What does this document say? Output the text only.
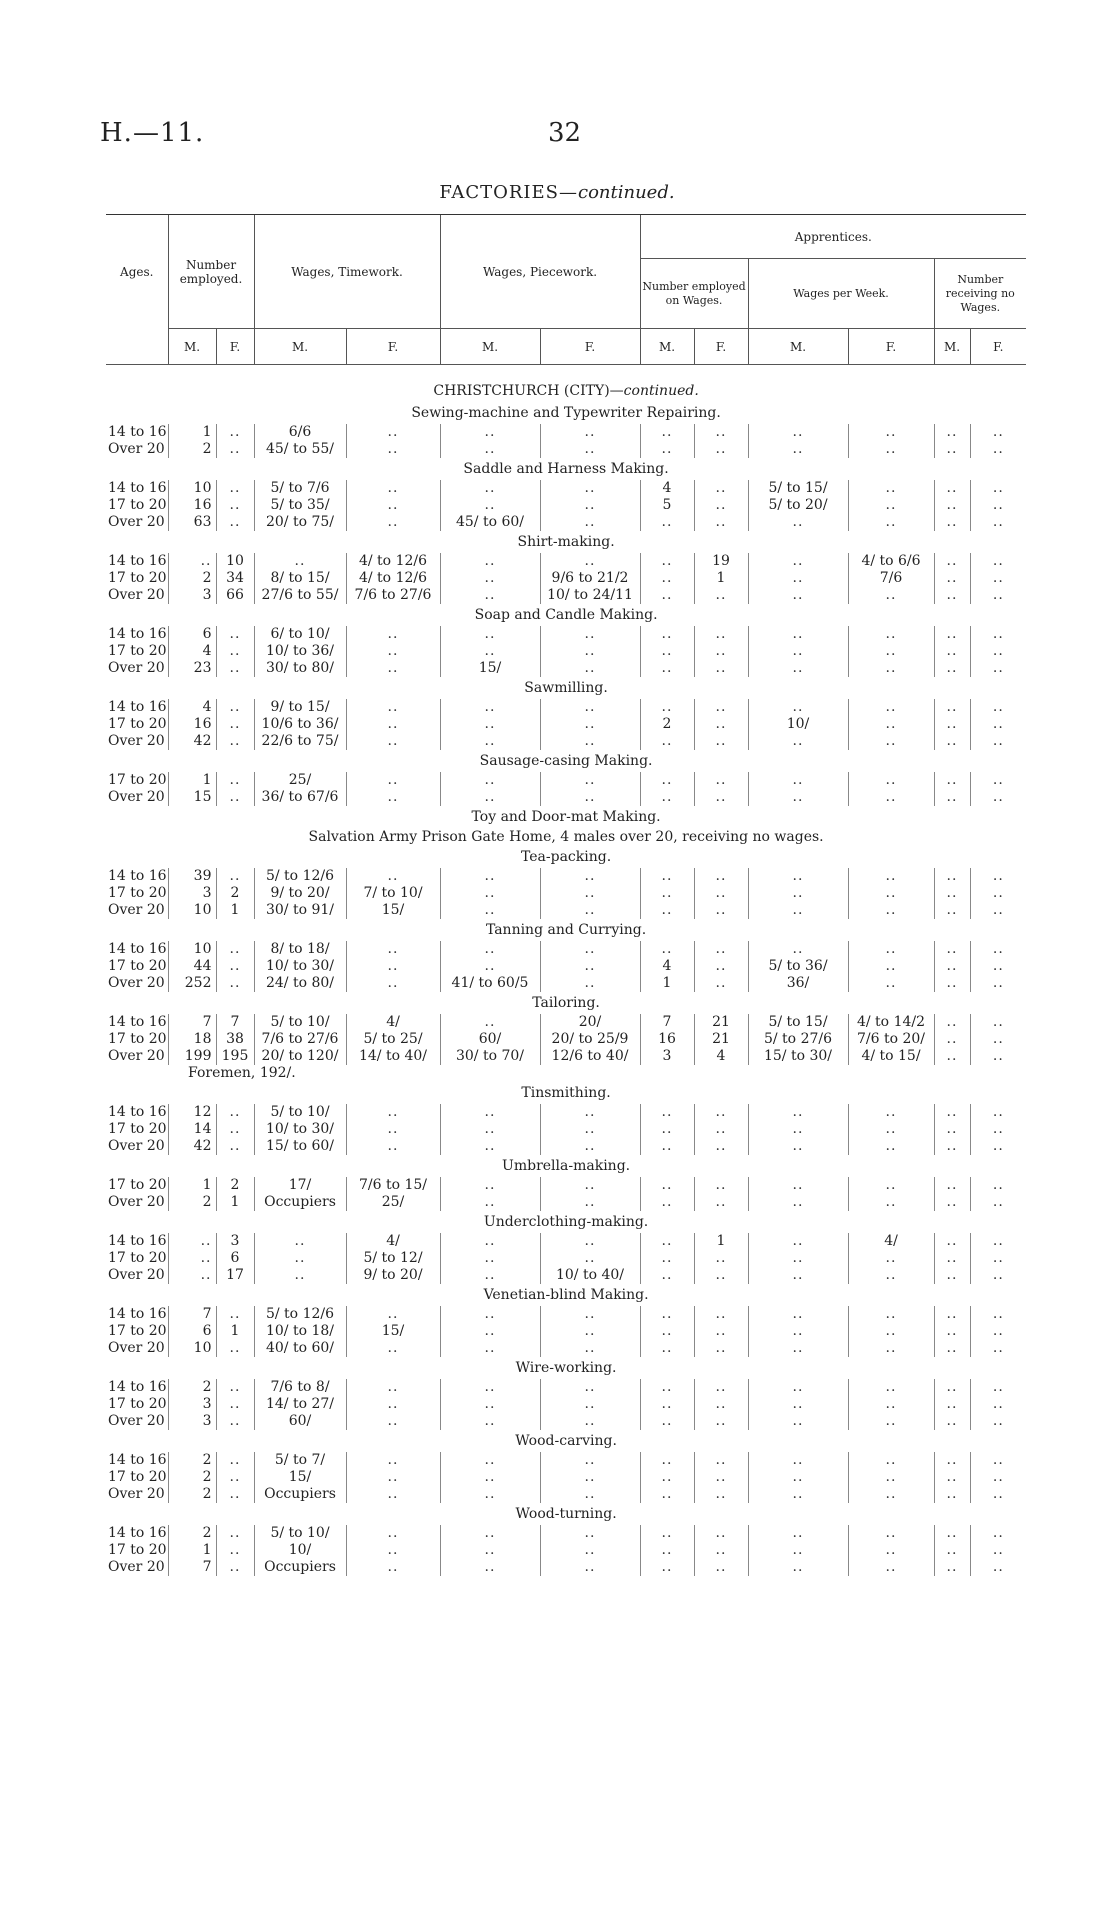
H.—11.	32
FACTORIES—continued.
Ages.	Number employed.		Wages, Timework.		Wages, Piecework.		Apprentices.					
							Number employed on Wages.		Wages per Week.		Number receiving no Wages.	
	M.	F.	M.	F.	M.	F.	M.	F.	M.	F.	M.	F.
CHRISTCHURCH (CITY)—continued.												
Sewing-machine and Typewriter Repairing.												
14 to 16	1	..	6/6	..	..	..	..	..	..	..	..	..
Over 20	2	..	45/ to 55/	..	..	..	..	..	..	..	..	..
Saddle and Harness Making.												
14 to 16	10	..	5/ to 7/6	..	..	..	4	..	5/ to 15/	..	..	..
17 to 20	16	..	5/ to 35/	..	..	..	5	..	5/ to 20/	..	..	..
Over 20	63	..	20/ to 75/	..	45/ to 60/	..	..	..	..	..	..	..
Shirt-making.												
14 to 16	..	10	..	4/ to 12/6	..	..	..	19	..	4/ to 6/6	..	..
17 to 20	2	34	8/ to 15/	4/ to 12/6	..	9/6 to 21/2	..	1	..	7/6	..	..
Over 20	3	66	27/6 to 55/	7/6 to 27/6	..	10/ to 24/11	..	..	..	..	..	..
Soap and Candle Making.												
14 to 16	6	..	6/ to 10/	..	..	..	..	..	..	..	..	..
17 to 20	4	..	10/ to 36/	..	..	..	..	..	..	..	..	..
Over 20	23	..	30/ to 80/	..	15/	..	..	..	..	..	..	..
Sawmilling.												
14 to 16	4	..	9/ to 15/	..	..	..	..	..	..	..	..	..
17 to 20	16	..	10/6 to 36/	..	..	..	2	..	10/	..	..	..
Over 20	42	..	22/6 to 75/	..	..	..	..	..	..	..	..	..
Sausage-casing Making.												
17 to 20	1	..	25/	..	..	..	..	..	..	..	..	..
Over 20	15	..	36/ to 67/6	..	..	..	..	..	..	..	..	..
Toy and Door-mat Making.												
Salvation Army Prison Gate Home, 4 males over 20, receiving no wages.												
Tea-packing.												
14 to 16	39	..	5/ to 12/6	..	..	..	..	..	..	..	..	..
17 to 20	3	2	9/ to 20/	7/ to 10/	..	..	..	..	..	..	..	..
Over 20	10	1	30/ to 91/	15/	..	..	..	..	..	..	..	..
Tanning and Currying.												
14 to 16	10	..	8/ to 18/	..	..	..	..	..	..	..	..	..
17 to 20	44	..	10/ to 30/	..	..	..	4	..	5/ to 36/	..	..	..
Over 20	252	..	24/ to 80/	..	41/ to 60/5	..	1	..	36/	..	..	..
Tailoring.												
14 to 16	7	7	5/ to 10/	4/	..	20/	7	21	5/ to 15/	4/ to 14/2	..	..
17 to 20	18	38	7/6 to 27/6	5/ to 25/	60/	20/ to 25/9	16	21	5/ to 27/6	7/6 to 20/	..	..
Over 20	199	195	20/ to 120/	14/ to 40/	30/ to 70/	12/6 to 40/	3	4	15/ to 30/	4/ to 15/	..	..
Foremen, 192/.												
Tinsmithing.												
14 to 16	12	..	5/ to 10/	..	..	..	..	..	..	..	..	..
17 to 20	14	..	10/ to 30/	..	..	..	..	..	..	..	..	..
Over 20	42	..	15/ to 60/	..	..	..	..	..	..	..	..	..
Umbrella-making.												
17 to 20	1	2	17/	7/6 to 15/	..	..	..	..	..	..	..	..
Over 20	2	1	Occupiers	25/	..	..	..	..	..	..	..	..
Underclothing-making.												
14 to 16	..	3	..	4/	..	..	..	1	..	4/	..	..
17 to 20	..	6	..	5/ to 12/	..	..	..	..	..	..	..	..
Over 20	..	17	..	9/ to 20/	..	10/ to 40/	..	..	..	..	..	..
Venetian-blind Making.												
14 to 16	7	..	5/ to 12/6	..	..	..	..	..	..	..	..	..
17 to 20	6	1	10/ to 18/	15/	..	..	..	..	..	..	..	..
Over 20	10	..	40/ to 60/	..	..	..	..	..	..	..	..	..
Wire-working.												
14 to 16	2	..	7/6 to 8/	..	..	..	..	..	..	..	..	..
17 to 20	3	..	14/ to 27/	..	..	..	..	..	..	..	..	..
Over 20	3	..	60/	..	..	..	..	..	..	..	..	..
Wood-carving.												
14 to 16	2	..	5/ to 7/	..	..	..	..	..	..	..	..	..
17 to 20	2	..	15/	..	..	..	..	..	..	..	..	..
Over 20	2	..	Occupiers	..	..	..	..	..	..	..	..	..
Wood-turning.												
14 to 16	2	..	5/ to 10/	..	..	..	..	..	..	..	..	..
17 to 20	1	..	10/	..	..	..	..	..	..	..	..	..
Over 20	7	..	Occupiers	..	..	..	..	..	..	..	..	..
